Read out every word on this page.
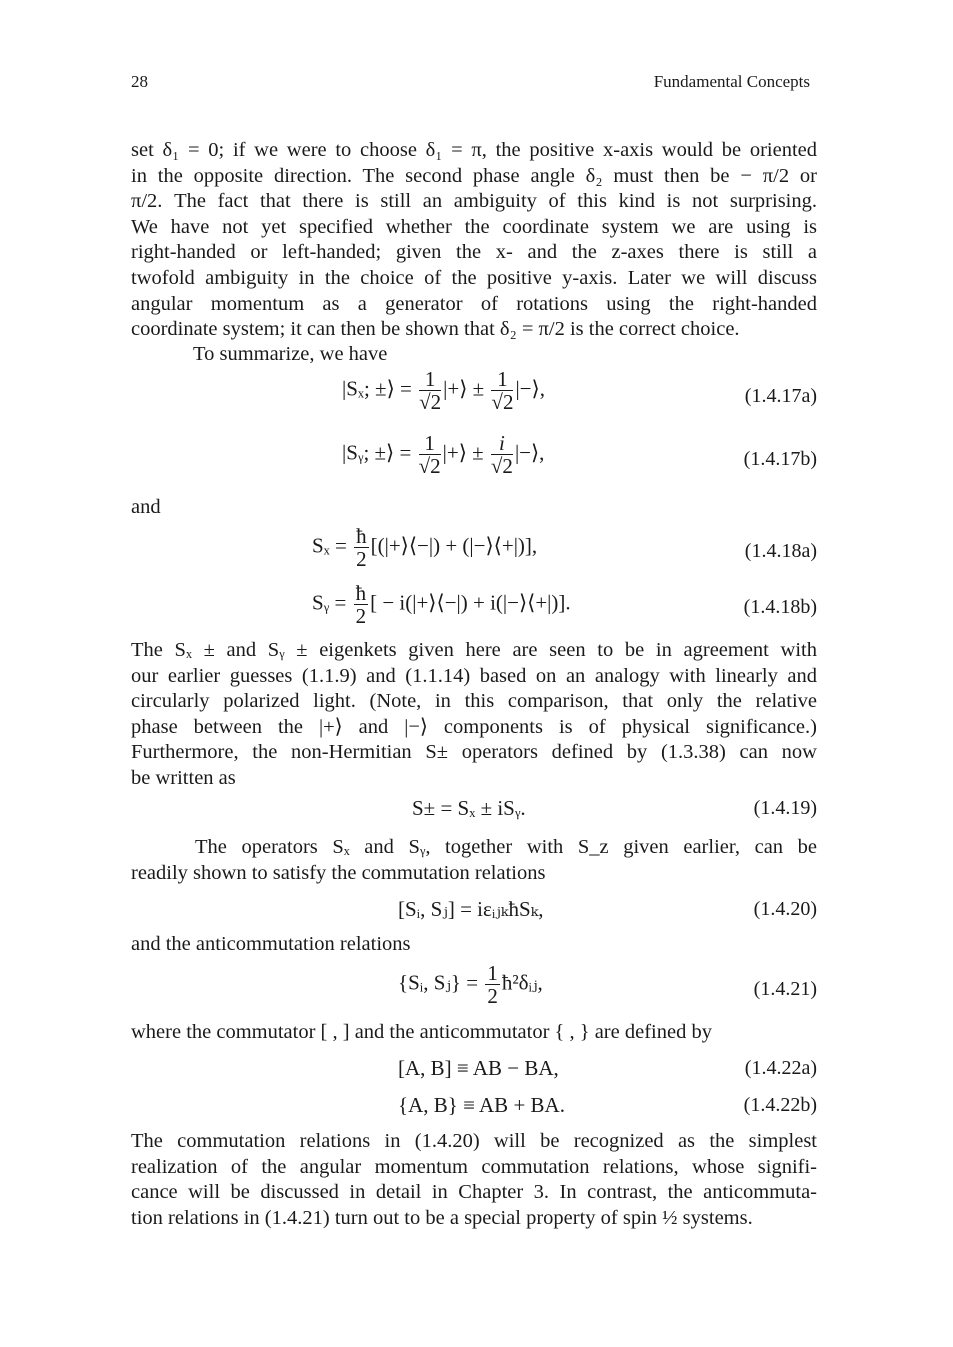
28	Fundamental Concepts
set δ₁ = 0; if we were to choose δ₁ = π, the positive x-axis would be oriented
in the opposite direction. The second phase angle δ₂ must then be − π/2 or
π/2. The fact that there is still an ambiguity of this kind is not surprising.
We have not yet specified whether the coordinate system we are using is
right-handed or left-handed; given the x- and the z-axes there is still a
twofold ambiguity in the choice of the positive y-axis. Later we will discuss
angular momentum as a generator of rotations using the right-handed
coordinate system; it can then be shown that δ₂ = π/2 is the correct choice.
To summarize, we have
|Sₓ; ±⟩ = $\frac{1}{√2}$ |+⟩ ± $\frac{1}{√2}$ |−⟩,	(1.4.17a)
|Sᵧ; ±⟩ = $\frac{1}{√2}$ |+⟩ ± $\frac{i}{√2}$ |−⟩,	(1.4.17b)
and
$S_x = \frac{ħ}{2}$ [(|+⟩⟨−|) + (|−⟩⟨+|)],	(1.4.18a)
Sᵧ = $\frac{ħ}{2}$ [ − i(|+⟩⟨−|) + i(|−⟩⟨+|)].	(1.4.18b)
The Sₓ ± and Sᵧ ± eigenkets given here are seen to be in agreement with
our earlier guesses (1.1.9) and (1.1.14) based on an analogy with linearly and
circularly polarized light. (Note, in this comparison, that only the relative
phase between the |+⟩ and |−⟩ components is of physical significance.)
Furthermore, the non-Hermitian S± operators defined by (1.3.38) can now
be written as
S± = Sₓ ± iSᵧ.	(1.4.19)
The operators Sₓ and Sᵧ, together with S_z given earlier, can be
readily shown to satisfy the commutation relations
[Sᵢ, Sⱼ] = iεᵢⱼₖħSₖ,	(1.4.20)
and the anticommutation relations
{Sᵢ, Sⱼ} = $\frac{1}{2}$ ħ²δᵢⱼ,	(1.4.21)
where the commutator [ , ] and the anticommutator { , } are defined by
[A, B] ≡ AB − BA,	(1.4.22a)
{A, B} ≡ AB + BA.	(1.4.22b)
The commutation relations in (1.4.20) will be recognized as the simplest
realization of the angular momentum commutation relations, whose signifi-
cance will be discussed in detail in Chapter 3. In contrast, the anticommuta-
tion relations in (1.4.21) turn out to be a special property of spin ½ systems.
